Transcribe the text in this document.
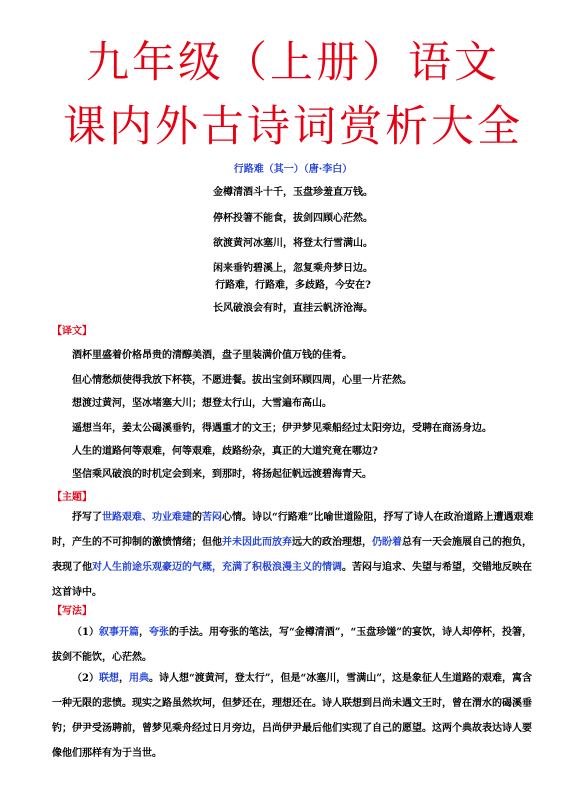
九年级（上册）语文
课内外古诗词赏析大全
行路难（其一）（唐·李白）
金樽清酒斗十千，玉盘珍羞直万钱。
停杯投箸不能食，拔剑四顾心茫然。
欲渡黄河冰塞川，将登太行雪满山。
闲来垂钓碧溪上，忽复乘舟梦日边。
行路难，行路难，多歧路，今安在?
长风破浪会有时，直挂云帆济沧海。
【译文】
酒杯里盛着价格昂贵的清醇美酒，盘子里装满价值万钱的佳肴。
但心情愁烦使得我放下杯筷，不愿进餐。拔出宝剑环顾四周，心里一片茫然。
想渡过黄河，坚冰堵塞大川；想登太行山，大雪遍布高山。
遥想当年，姜太公碣溪垂钓，得遇重才的文王；伊尹梦见乘船经过太阳旁边，受聘在商汤身边。
人生的道路何等艰难，何等艰难，歧路纷杂，真正的大道究竟在哪边?
坚信乘风破浪的时机定会到来，到那时，将扬起征帆远渡碧海青天。
【主题】
抒写了世路艰难、功业难建的苦闷心情。诗以“行路难”比喻世道险阻，抒写了诗人在政治道路上遭遇艰难时，产生的不可抑制的激愤情绪；但他并未因此而放弃远大的政治理想，仍盼着总有一天会施展自己的抱负，表现了他对人生前途乐观豪迈的气概，充满了积极浪漫主义的情调。苦闷与追求、失望与希望，交错地反映在这首诗中。
【写法】
（1）叙事开篇，夸张的手法。用夸张的笔法，写“金樽清酒”，“玉盘珍馐”的宴饮，诗人却停杯，投箸，拔剑不能饮，心茫然。
（2）联想，用典。诗人想“渡黄河，登太行”，但是“冰塞川，雪满山”，这是象征人生道路的艰难，寓含一种无限的悲愤。现实之路虽然坎坷，但梦还在，理想还在。诗人联想到吕尚未遇文王时，曾在渭水的碣溪垂钓；伊尹受汤聘前，曾梦见乘舟经过日月旁边，吕尚伊尹最后他们实现了自己的愿望。这两个典故表达诗人要像他们那样有为于当世。
